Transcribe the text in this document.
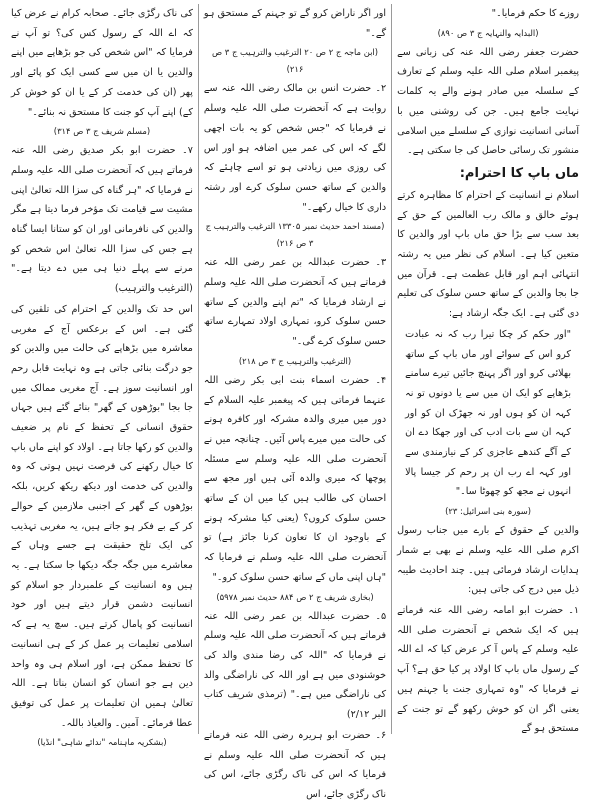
روزے کا حکم فرمایا۔"

(البدایہ والنہایہ ج ۳ ص ۸۹۰)

حضرت جعفر رضی اللہ عنہ کی زبانی سے پیغمبر اسلام صلی اللہ علیہ وسلم کے تعارف کے سلسلہ میں صادر ہونے والے یہ کلمات نہایت جامع ہیں۔ جن کی روشنی میں با آسانی انسانیت نوازی کے سلسلے میں اسلامی منشور تک رسائی حاصل کی جا سکتی ہے۔

ماں باپ کا احترام:

اسلام نے انسانیت کے احترام کا مظاہرہ کرتے ہوئے خالق و مالک رب العالمین کے حق کے بعد سب سے بڑا حق ماں باپ اور والدین کا متعین کیا ہے۔ اسلام کی نظر میں یہ رشتہ انتہائی اہم اور قابل عظمت ہے۔ قرآن میں جا بجا والدین کے ساتھ حسن سلوک کی تعلیم دی گئی ہے۔ ایک جگہ ارشاد ہے:

"اور حکم کر چکا تیرا رب کہ نہ عبادت کرو اس کے سوائے اور ماں باپ کے ساتھ بھلائی کرو اور اگر پہنچ جائیں تیرے سامنے بڑھاپے کو ایک ان میں سے یا دونوں تو نہ کہہ ان کو ہوں اور نہ جھڑک ان کو اور کہہ ان سے بات ادب کی اور جھکا دے ان کے آگے کندھے عاجزی کر کے نیازمندی سے اور کہہ اے رب ان پر رحم کر جیسا پالا انہوں نے مجھ کو چھوٹا سا۔"

(سورہ بنی اسرائیل: ۲۳)

والدین کے حقوق کے بارے میں جناب رسول اکرم صلی اللہ علیہ وسلم نے بھی بے شمار ہدایات ارشاد فرمائی ہیں۔ چند احادیث طیبہ ذیل میں درج کی جاتی ہیں:

۱۔ حضرت ابو امامہ رضی اللہ عنہ فرماتے ہیں کہ ایک شخص نے آنحضرت صلی اللہ علیہ وسلم کے پاس آ کر عرض کیا کہ اے اللہ کے رسول ماں باپ کا اولاد پر کیا حق ہے؟ آپ نے فرمایا کہ "وہ تمہاری جنت یا جہنم ہیں یعنی اگر ان کو خوش رکھو گے تو جنت کے مستحق ہو گے

اور اگر ناراض کرو گے تو جہنم کے مستحق ہو گے۔"

(ابن ماجہ ج ۲ ص ۲۰ الترغیب والترہیب ج ۳ ص ۲۱۶)

۲۔ حضرت انس بن مالک رضی اللہ عنہ سے روایت ہے کہ آنحضرت صلی اللہ علیہ وسلم نے فرمایا کہ "جس شخص کو یہ بات اچھی لگے کہ اس کی عمر میں اضافہ ہو اور اس کی روزی میں زیادتی ہو تو اسے چاہئے کہ والدین کے ساتھ حسن سلوک کرے اور رشتہ داری کا خیال رکھے۔"

(مسند احمد حدیث نمبر ۱۳۳۰۵ الترغیب والترہیب ج ۳ ص ۲۱۶)

۳۔ حضرت عبداللہ بن عمر رضی اللہ عنہ فرماتے ہیں کہ آنحضرت صلی اللہ علیہ وسلم نے ارشاد فرمایا کہ "تم اپنے والدین کے ساتھ حسن سلوک کرو، تمہاری اولاد تمہارے ساتھ حسن سلوک کرے گی۔"

(الترغیب والترہیب ج ۳ ص ۲۱۸)

۴۔ حضرت اسماء بنت ابی بکر رضی اللہ عنہما فرماتی ہیں کہ پیغمبر علیہ السلام کے دور میں میری والدہ مشرکہ اور کافرہ ہونے کی حالت میں میرے پاس آئیں۔ چنانچہ میں نے آنحضرت صلی اللہ علیہ وسلم سے مسئلہ پوچھا کہ میری والدہ آئی ہیں اور مجھ سے احسان کی طالب ہیں کیا میں ان کے ساتھ حسن سلوک کروں؟ (یعنی کیا مشرکہ ہونے کے باوجود ان کا تعاون کرنا جائز ہے) تو آنحضرت صلی اللہ علیہ وسلم نے فرمایا کہ "ہاں اپنی ماں کے ساتھ حسن سلوک کرو۔"

(بخاری شریف ج ۲ ص ۸۸۴ حدیث نمبر ۵۹۷۸)

۵۔ حضرت عبداللہ بن عمر رضی اللہ عنہ فرماتے ہیں کہ آنحضرت صلی اللہ علیہ وسلم نے فرمایا کہ "اللہ کی رضا مندی والد کی خوشنودی میں ہے اور اللہ کی ناراضگی والد کی ناراضگی میں ہے۔" (ترمذی شریف کتاب البر ۲/۱۲)

۶۔ حضرت ابو ہریرہ رضی اللہ عنہ فرماتے ہیں کہ آنحضرت صلی اللہ علیہ وسلم نے فرمایا کہ اس کی ناک رگڑی جائے، اس کی ناک رگڑی جائے، اس

کی ناک رگڑی جائے۔ صحابہ کرام نے عرض کیا کہ اے اللہ کے رسول کس کی؟ تو آپ نے فرمایا کہ "اس شخص کی جو بڑھاپے میں اپنے والدین یا ان میں سے کسی ایک کو پائے اور پھر (ان کی خدمت کر کے یا ان کو خوش کر کے) اپنے آپ کو جنت کا مستحق نہ بنائے۔"

(مسلم شریف ج ۳ ص ۳۱۴)

۷۔ حضرت ابو بکر صدیق رضی اللہ عنہ فرماتے ہیں کہ آنحضرت صلی اللہ علیہ وسلم نے فرمایا کہ "ہر گناہ کی سزا اللہ تعالیٰ اپنی مشیت سے قیامت تک مؤخر فرما دیتا ہے مگر والدین کی نافرمانی اور ان کو ستانا ایسا گناہ ہے جس کی سزا اللہ تعالیٰ اس شخص کو مرنے سے پہلے دنیا ہی میں دے دیتا ہے۔" (الترغیب والترہیب)

اس حد تک والدین کے احترام کی تلقین کی گئی ہے۔ اس کے برعکس آج کے مغربی معاشرہ میں بڑھاپے کی حالت میں والدین کو جو درگت بنائی جاتی ہے وہ نہایت قابل رحم اور انسانیت سوز ہے۔ آج مغربی ممالک میں جا بجا "بوڑھوں کے گھر" بنائے گئے ہیں جہاں حقوق انسانی کے تحفظ کے نام پر ضعیف والدین کو رکھا جاتا ہے۔ اولاد کو اپنے ماں باپ کا خیال رکھنے کی فرصت نہیں ہوتی کہ وہ والدین کی خدمت اور دیکھ ریکھ کریں، بلکہ بوڑھوں کے گھر کے اجنبی ملازمین کے حوالے کر کے بے فکر ہو جاتے ہیں، یہ مغربی تہذیب کی ایک تلخ حقیقت ہے جسے وہاں کے معاشرے میں جگہ جگہ دیکھا جا سکتا ہے۔ یہ ہیں وہ انسانیت کے علمبردار جو اسلام کو انسانیت دشمن قرار دیتے ہیں اور خود انسانیت کو پامال کرتے ہیں۔ سچ یہ ہے کہ اسلامی تعلیمات پر عمل کر کے ہی انسانیت کا تحفظ ممکن ہے، اور اسلام ہی وہ واحد دین ہے جو انسان کو انسان بناتا ہے۔ اللہ تعالیٰ ہمیں ان تعلیمات پر عمل کی توفیق عطا فرمائے۔ آمین۔ والعیاذ باللہ۔

(بشکریہ ماہنامہ "ندائے شاہی" انڈیا)
